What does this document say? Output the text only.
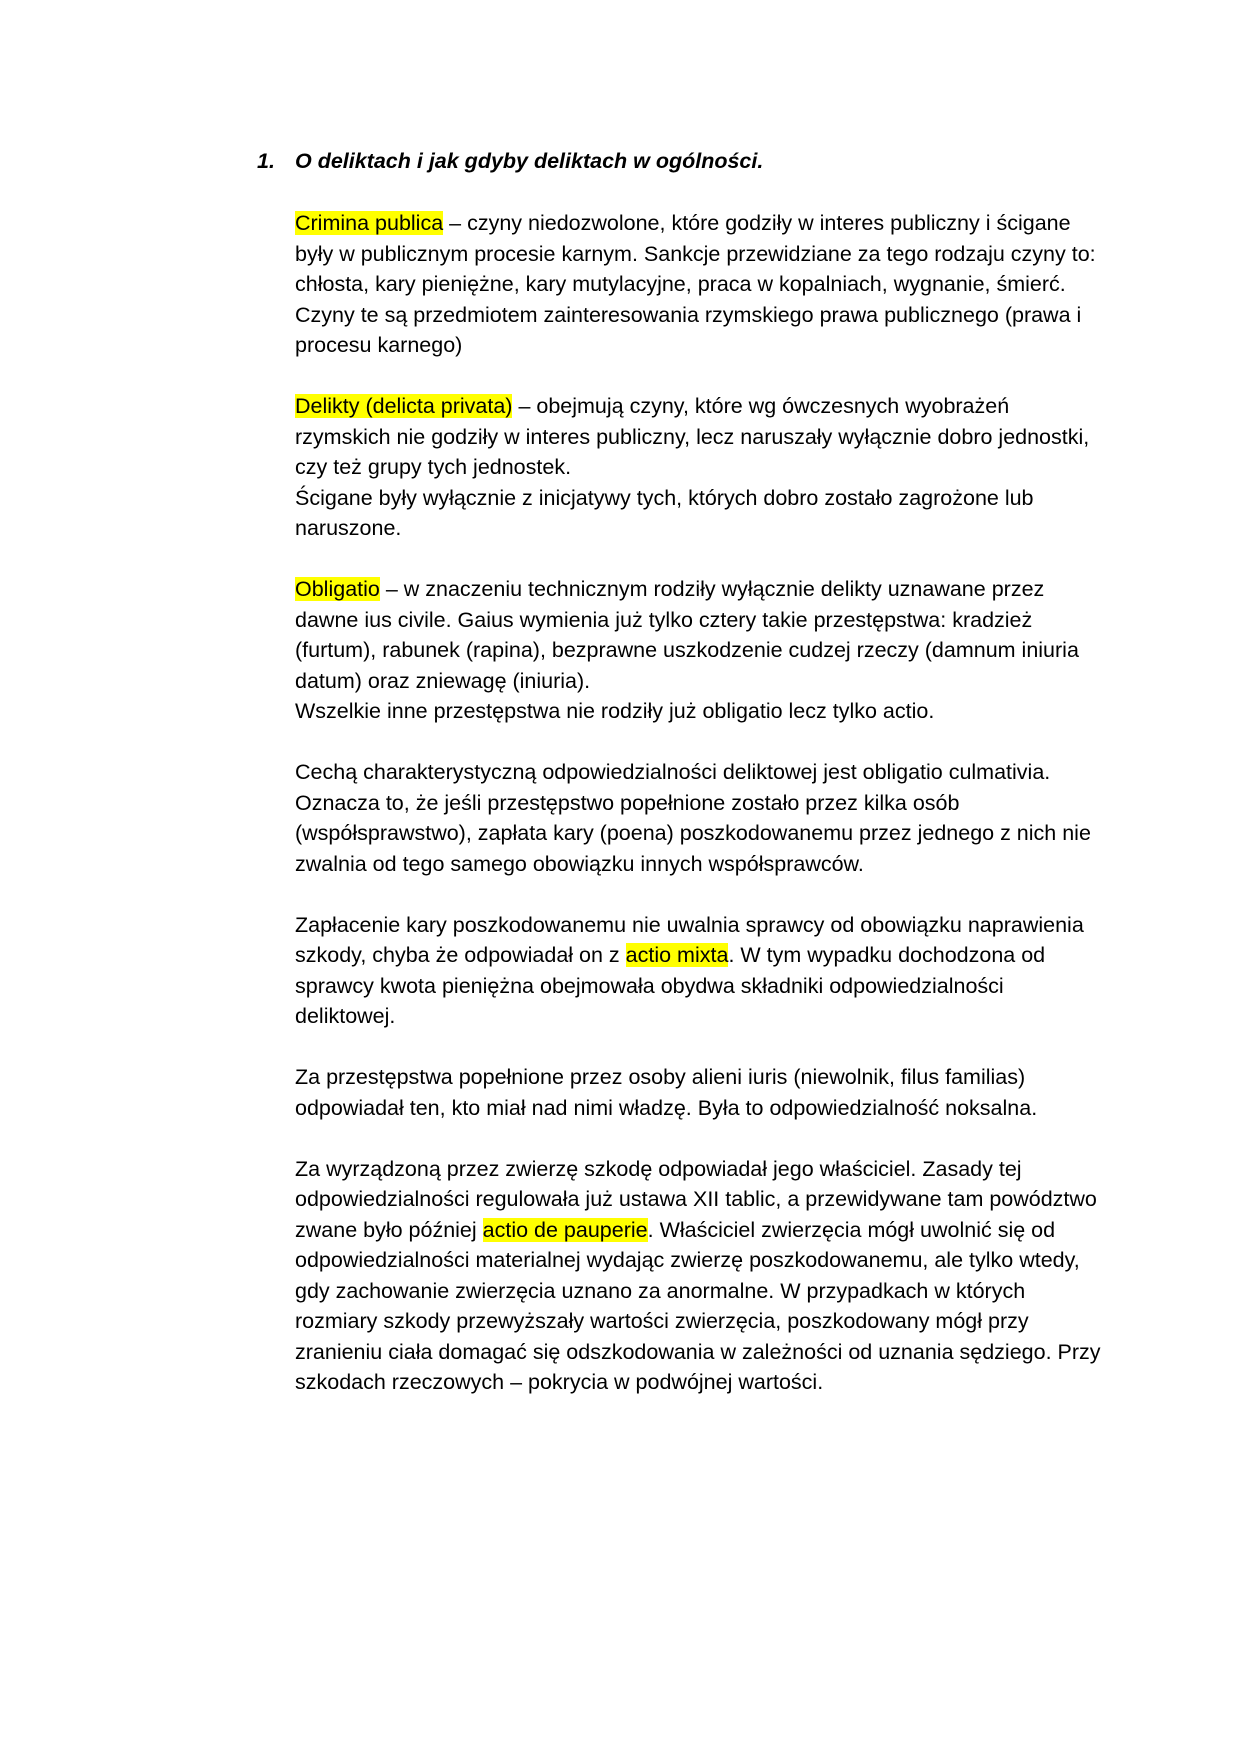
1. O deliktach i jak gdyby deliktach w ogólności.

Crimina publica – czyny niedozwolone, które godziły w interes publiczny i ścigane były w publicznym procesie karnym. Sankcje przewidziane za tego rodzaju czyny to: chłosta, kary pieniężne, kary mutylacyjne, praca w kopalniach, wygnanie, śmierć.
Czyny te są przedmiotem zainteresowania rzymskiego prawa publicznego (prawa i procesu karnego)

Delikty (delicta privata) – obejmują czyny, które wg ówczesnych wyobrażeń rzymskich nie godziły w interes publiczny, lecz naruszały wyłącznie dobro jednostki, czy też grupy tych jednostek.
Ścigane były wyłącznie z inicjatywy tych, których dobro zostało zagrożone lub naruszone.

Obligatio – w znaczeniu technicznym rodziły wyłącznie delikty uznawane przez dawne ius civile. Gaius wymienia już tylko cztery takie przestępstwa: kradzież (furtum), rabunek (rapina), bezprawne uszkodzenie cudzej rzeczy (damnum iniuria datum) oraz zniewagę (iniuria).
Wszelkie inne przestępstwa nie rodziły już obligatio lecz tylko actio.

Cechą charakterystyczną odpowiedzialności deliktowej jest obligatio culmativia. Oznacza to, że jeśli przestępstwo popełnione zostało przez kilka osób (współsprawstwo), zapłata kary (poena) poszkodowanemu przez jednego z nich nie zwalnia od tego samego obowiązku innych współsprawców.

Zapłacenie kary poszkodowanemu nie uwalnia sprawcy od obowiązku naprawienia szkody, chyba że odpowiadał on z actio mixta. W tym wypadku dochodzona od sprawcy kwota pieniężna obejmowała obydwa składniki odpowiedzialności deliktowej.

Za przestępstwa popełnione przez osoby alieni iuris (niewolnik, filus familias) odpowiadał ten, kto miał nad nimi władzę. Była to odpowiedzialność noksalna.

Za wyrządzoną przez zwierzę szkodę odpowiadał jego właściciel. Zasady tej odpowiedzialności regulowała już ustawa XII tablic, a przewidywane tam powództwo zwane było później actio de pauperie. Właściciel zwierzęcia mógł uwolnić się od odpowiedzialności materialnej wydając zwierzę poszkodowanemu, ale tylko wtedy, gdy zachowanie zwierzęcia uznano za anormalne. W przypadkach w których rozmiary szkody przewyższały wartości zwierzęcia, poszkodowany mógł przy zranieniu ciała domagać się odszkodowania w zależności od uznania sędziego. Przy szkodach rzeczowych – pokrycia w podwójnej wartości.
